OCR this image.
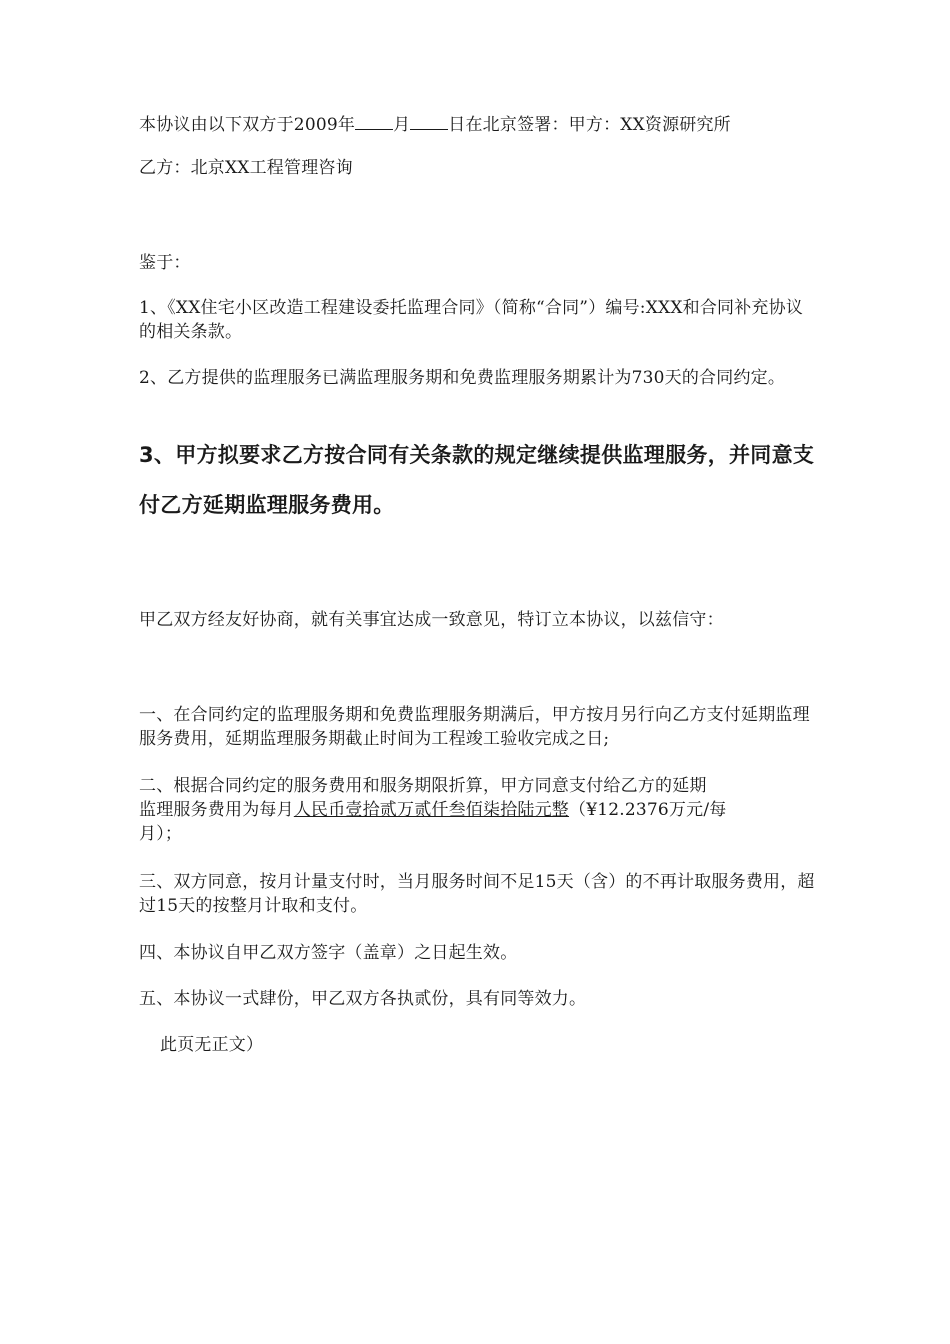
本协议由以下双方于2009年 月 日在北京签署：甲方：XX资源研究所
乙方：北京XX工程管理咨询
鉴于：
1、《XX住宅小区改造工程建设委托监理合同》（简称“合同”）编号:XXX和合同补充协议的相关条款。
2、乙方提供的监理服务已满监理服务期和免费监理服务期累计为730天的合同约定。
3、甲方拟要求乙方按合同有关条款的规定继续提供监理服务，并同意支付乙方延期监理服务费用。
甲乙双方经友好协商，就有关事宜达成一致意见，特订立本协议，以兹信守：
一、在合同约定的监理服务期和免费监理服务期满后，甲方按月另行向乙方支付延期监理服务费用，延期监理服务期截止时间为工程竣工验收完成之日;
二、根据合同约定的服务费用和服务期限折算，甲方同意支付给乙方的延期
监理服务费用为每月人民币壹拾贰万贰仟叁佰柒拾陆元整（¥12.2376万元/每
月）；
三、双方同意，按月计量支付时，当月服务时间不足15天（含）的不再计取服务费用，超过15天的按整月计取和支付。
四、本协议自甲乙双方签字（盖章）之日起生效。
五、本协议一式肆份，甲乙双方各执贰份，具有同等效力。
此页无正文）
